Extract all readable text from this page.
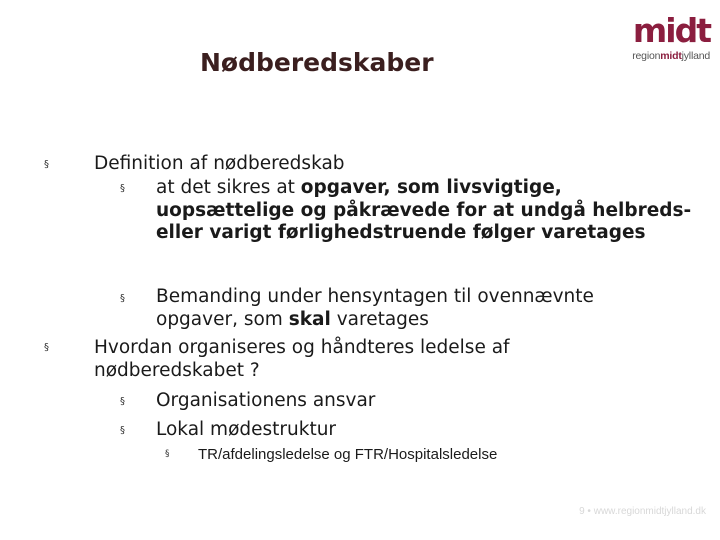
midt
regionmidtjylland
Nødberedskaber
§ Definition af nødberedskab
§ at det sikres at opgaver, som livsvigtige, uopsættelige og påkrævede for at undgå helbreds- eller varigt førlighedstruende følger varetages
§ Bemanding under hensyntagen til ovennævnte opgaver, som skal varetages
§ Hvordan organiseres og håndteres ledelse af nødberedskabet ?
§ Organisationens ansvar
§ Lokal mødestruktur
§ TR/afdelingsledelse og FTR/Hospitalsledelse
9 • www.regionmidtjylland.dk
